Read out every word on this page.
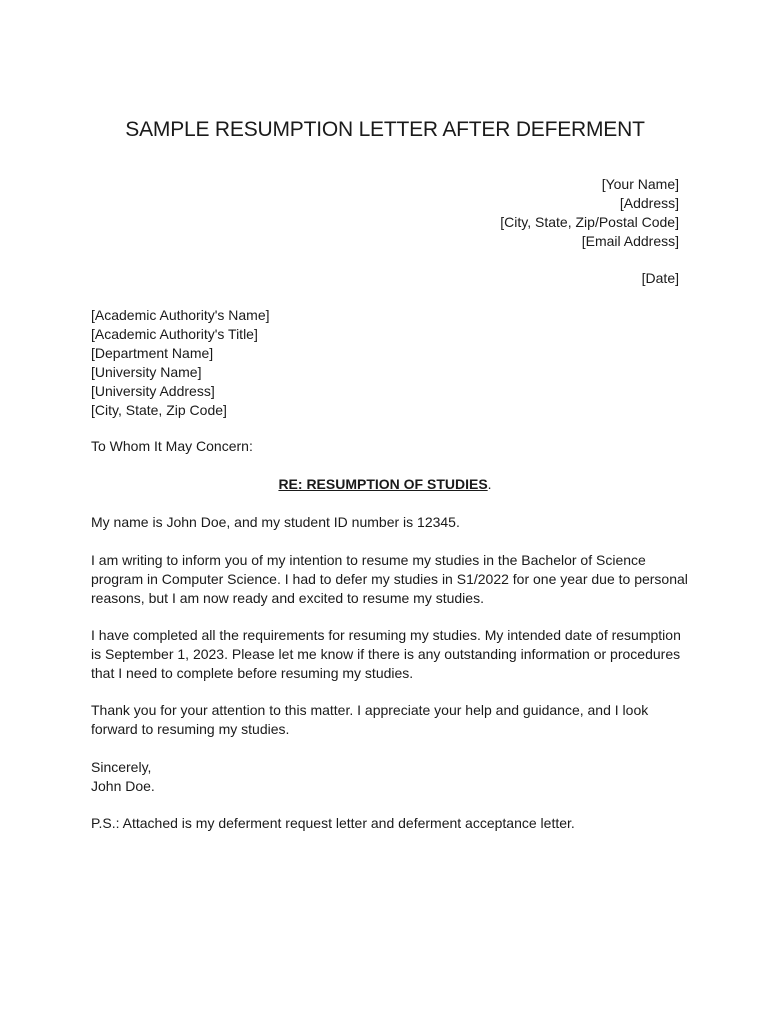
SAMPLE RESUMPTION LETTER AFTER DEFERMENT
[Your Name]
[Address]
[City, State, Zip/Postal Code]
[Email Address]
[Date]
[Academic Authority's Name]
[Academic Authority's Title]
[Department Name]
[University Name]
[University Address]
[City, State, Zip Code]
To Whom It May Concern:
RE: RESUMPTION OF STUDIES.

My name is John Doe, and my student ID number is 12345.

I am writing to inform you of my intention to resume my studies in the Bachelor of Science program in Computer Science. I had to defer my studies in S1/2022 for one year due to personal reasons, but I am now ready and excited to resume my studies.

I have completed all the requirements for resuming my studies. My intended date of resumption is September 1, 2023. Please let me know if there is any outstanding information or procedures that I need to complete before resuming my studies.

Thank you for your attention to this matter. I appreciate your help and guidance, and I look forward to resuming my studies.

Sincerely,
John Doe.

P.S.: Attached is my deferment request letter and deferment acceptance letter.
